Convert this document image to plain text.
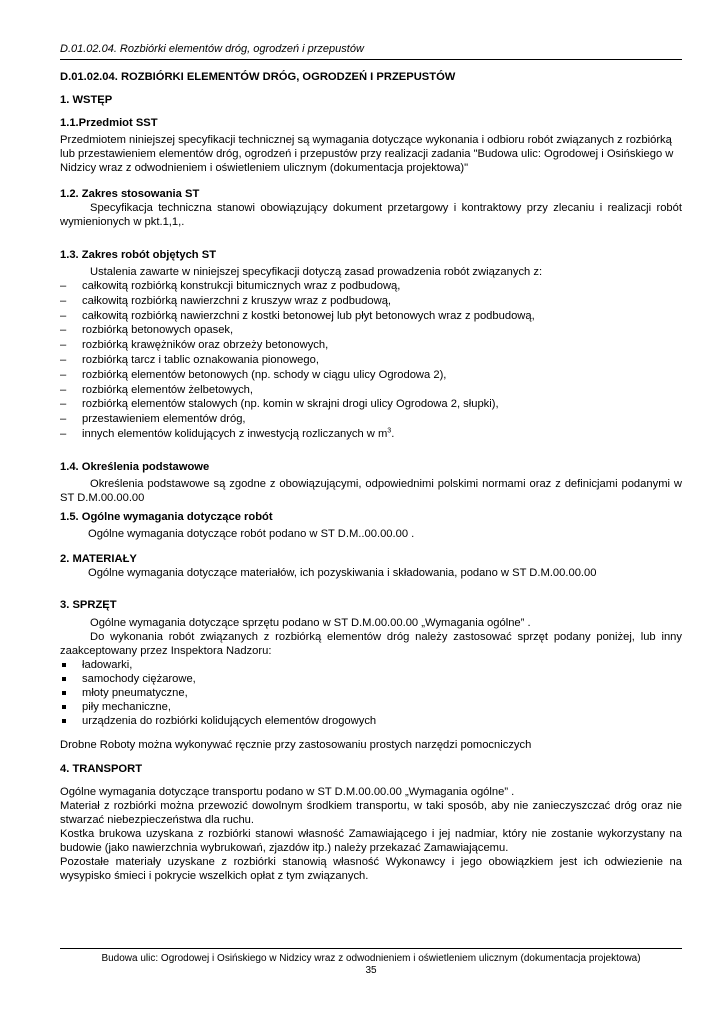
D.01.02.04. Rozbiórki elementów dróg, ogrodzeń i przepustów
D.01.02.04. ROZBIÓRKI ELEMENTÓW DRÓG, OGRODZEŃ I PRZEPUSTÓW
1. WSTĘP
1.1.Przedmiot SST

Przedmiotem niniejszej specyfikacji technicznej są wymagania dotyczące wykonania i odbioru robót związanych z rozbiórką lub przestawieniem elementów dróg, ogrodzeń i przepustów przy realizacji zadania "Budowa ulic: Ogrodowej i Osińskiego w Nidzicy wraz z odwodnieniem i oświetleniem ulicznym (dokumentacja projektowa)"

1.2. Zakres stosowania ST

Specyfikacja techniczna stanowi obowiązujący dokument przetargowy i kontraktowy przy zlecaniu i realizacji robót wymienionych w pkt.1,1,.

1.3. Zakres robót objętych ST

Ustalenia zawarte w niniejszej specyfikacji dotyczą zasad prowadzenia robót związanych z:

– całkowitą rozbiórką konstrukcji bitumicznych wraz z podbudową,
– całkowitą rozbiórką nawierzchni z kruszyw wraz z podbudową,
– całkowitą rozbiórką nawierzchni z kostki betonowej lub płyt betonowych wraz z podbudową,
– rozbiórką betonowych opasek,
– rozbiórką krawężników oraz obrzeży betonowych,
– rozbiórką tarcz i tablic oznakowania pionowego,
– rozbiórką elementów betonowych (np. schody w ciągu ulicy Ogrodowa 2),
– rozbiórką elementów żelbetowych,
– rozbiórką elementów stalowych (np. komin w skrajni drogi ulicy Ogrodowa 2, słupki),
– przestawieniem elementów dróg,
– innych elementów kolidujących z inwestycją rozliczanych w $m^3$.
1.4. Określenia podstawowe

Określenia podstawowe są zgodne z obowiązującymi, odpowiednimi polskimi normami oraz z definicjami podanymi w ST D.M.00.00.00

1.5. Ogólne wymagania dotyczące robót

Ogólne wymagania dotyczące robót podano w ST D.M..00.00.00 .

2. MATERIAŁY

Ogólne wymagania dotyczące materiałów, ich pozyskiwania i składowania, podano w ST D.M.00.00.00

3. SPRZĘT

Ogólne wymagania dotyczące sprzętu podano w ST D.M.00.00.00 „Wymagania ogólne” .

Do wykonania robót związanych z rozbiórką elementów dróg należy zastosować sprzęt podany poniżej, lub inny zaakceptowany przez Inspektora Nadzoru:

ładowarki,
samochody ciężarowe,
młoty pneumatyczne,
piły mechaniczne,
urządzenia do rozbiórki kolidujących elementów drogowych

Drobne Roboty można wykonywać ręcznie przy zastosowaniu prostych narzędzi pomocniczych

4. TRANSPORT

Ogólne wymagania dotyczące transportu podano w ST D.M.00.00.00 „Wymagania ogólne” .

Materiał z rozbiórki można przewozić dowolnym środkiem transportu, w taki sposób, aby nie zanieczyszczać dróg oraz nie stwarzać niebezpieczeństwa dla ruchu.

Kostka brukowa uzyskana z rozbiórki stanowi własność Zamawiającego i jej nadmiar, który nie zostanie wykorzystany na budowie (jako nawierzchnia wybrukowań, zjazdów itp.) należy przekazać Zamawiającemu.

Pozostałe materiały uzyskane z rozbiórki stanowią własność Wykonawcy i jego obowiązkiem jest ich odwiezienie na wysypisko śmieci i pokrycie wszelkich opłat z tym związanych.

Budowa ulic: Ogrodowej i Osińskiego w Nidzicy wraz z odwodnieniem i oświetleniem ulicznym (dokumentacja projektowa)
35
